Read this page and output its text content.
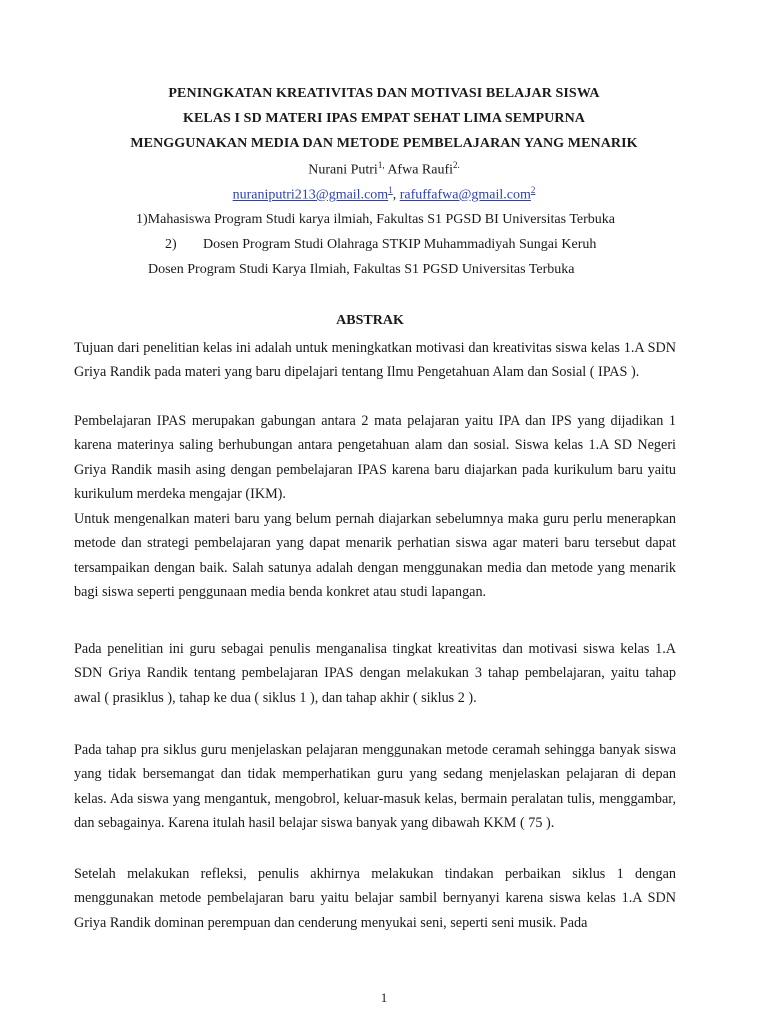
PENINGKATAN KREATIVITAS DAN MOTIVASI BELAJAR SISWA
KELAS I SD MATERI IPAS EMPAT SEHAT LIMA SEMPURNA
MENGGUNAKAN MEDIA DAN METODE PEMBELAJARAN YANG MENARIK
Nurani Putri$^{1,}$ Afwa Raufi$^{2.}$
nuraniputri213@gmail.com$^1$, rafuffafwa@gmail.com$^2$
1)Mahasiswa Program Studi karya ilmiah, Fakultas S1 PGSD BI Universitas Terbuka
2) Dosen Program Studi Olahraga STKIP Muhammadiyah Sungai Keruh
Dosen Program Studi Karya Ilmiah, Fakultas S1 PGSD Universitas Terbuka
ABSTRAK

Tujuan dari penelitian kelas ini adalah untuk meningkatkan motivasi dan kreativitas siswa kelas 1.A SDN Griya Randik pada materi yang baru dipelajari tentang Ilmu Pengetahuan Alam dan Sosial ( IPAS ).

Pembelajaran IPAS merupakan gabungan antara 2 mata pelajaran yaitu IPA dan IPS yang dijadikan 1 karena materinya saling berhubungan antara pengetahuan alam dan sosial. Siswa kelas 1.A SD Negeri Griya Randik masih asing dengan pembelajaran IPAS karena baru diajarkan pada kurikulum baru yaitu kurikulum merdeka mengajar (IKM).

Untuk mengenalkan materi baru yang belum pernah diajarkan sebelumnya maka guru perlu menerapkan metode dan strategi pembelajaran yang dapat menarik perhatian siswa agar materi baru tersebut dapat tersampaikan dengan baik. Salah satunya adalah dengan menggunakan media dan metode yang menarik bagi siswa seperti penggunaan media benda konkret atau studi lapangan.

Pada penelitian ini guru sebagai penulis menganalisa tingkat kreativitas dan motivasi siswa kelas 1.A SDN Griya Randik tentang pembelajaran IPAS dengan melakukan 3 tahap pembelajaran, yaitu tahap awal ( prasiklus ), tahap ke dua ( siklus 1 ), dan tahap akhir ( siklus 2 ).

Pada tahap pra siklus guru menjelaskan pelajaran menggunakan metode ceramah sehingga banyak siswa yang tidak bersemangat dan tidak memperhatikan guru yang sedang menjelaskan pelajaran di depan kelas. Ada siswa yang mengantuk, mengobrol, keluar-masuk kelas, bermain peralatan tulis, menggambar, dan sebagainya. Karena itulah hasil belajar siswa banyak yang dibawah KKM ( 75 ).

Setelah melakukan refleksi, penulis akhirnya melakukan tindakan perbaikan siklus 1 dengan menggunakan metode pembelajaran baru yaitu belajar sambil bernyanyi karena siswa kelas 1.A SDN Griya Randik dominan perempuan dan cenderung menyukai seni, seperti seni musik. Pada

1
